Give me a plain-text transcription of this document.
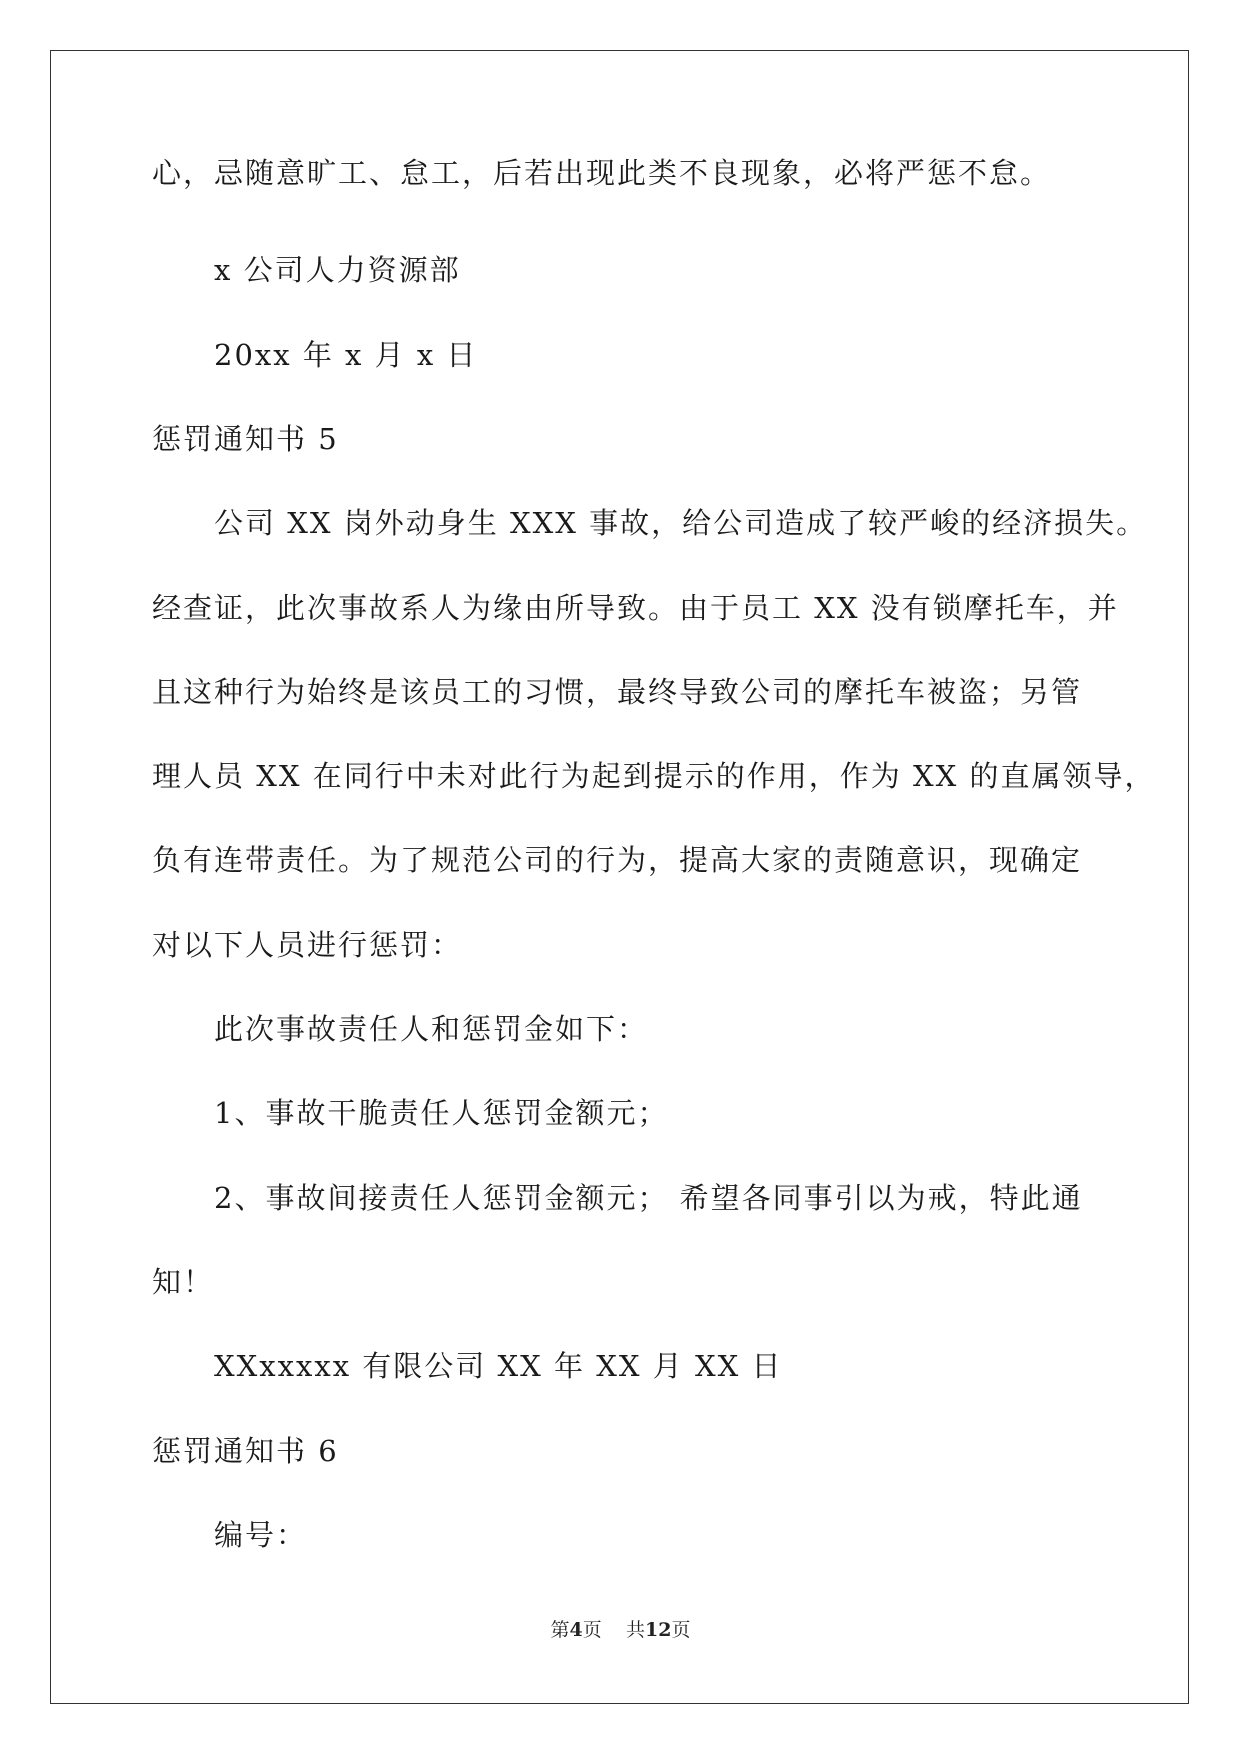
心，忌随意旷工、怠工，后若出现此类不良现象，必将严惩不怠。
x 公司人力资源部
20xx 年 x 月 x 日
惩罚通知书 5
公司 XX 岗外动身生 XXX 事故，给公司造成了较严峻的经济损失。
经查证，此次事故系人为缘由所导致。由于员工 XX 没有锁摩托车，并
且这种行为始终是该员工的习惯，最终导致公司的摩托车被盗；另管
理人员 XX 在同行中未对此行为起到提示的作用，作为 XX 的直属领导，
负有连带责任。为了规范公司的行为，提高大家的责随意识，现确定
对以下人员进行惩罚：
此次事故责任人和惩罚金如下：
1、事故干脆责任人惩罚金额元；
2、事故间接责任人惩罚金额元； 希望各同事引以为戒，特此通
知！
XXxxxxx 有限公司 XX 年 XX 月 XX 日
惩罚通知书 6
编号：
第4页 共12页
